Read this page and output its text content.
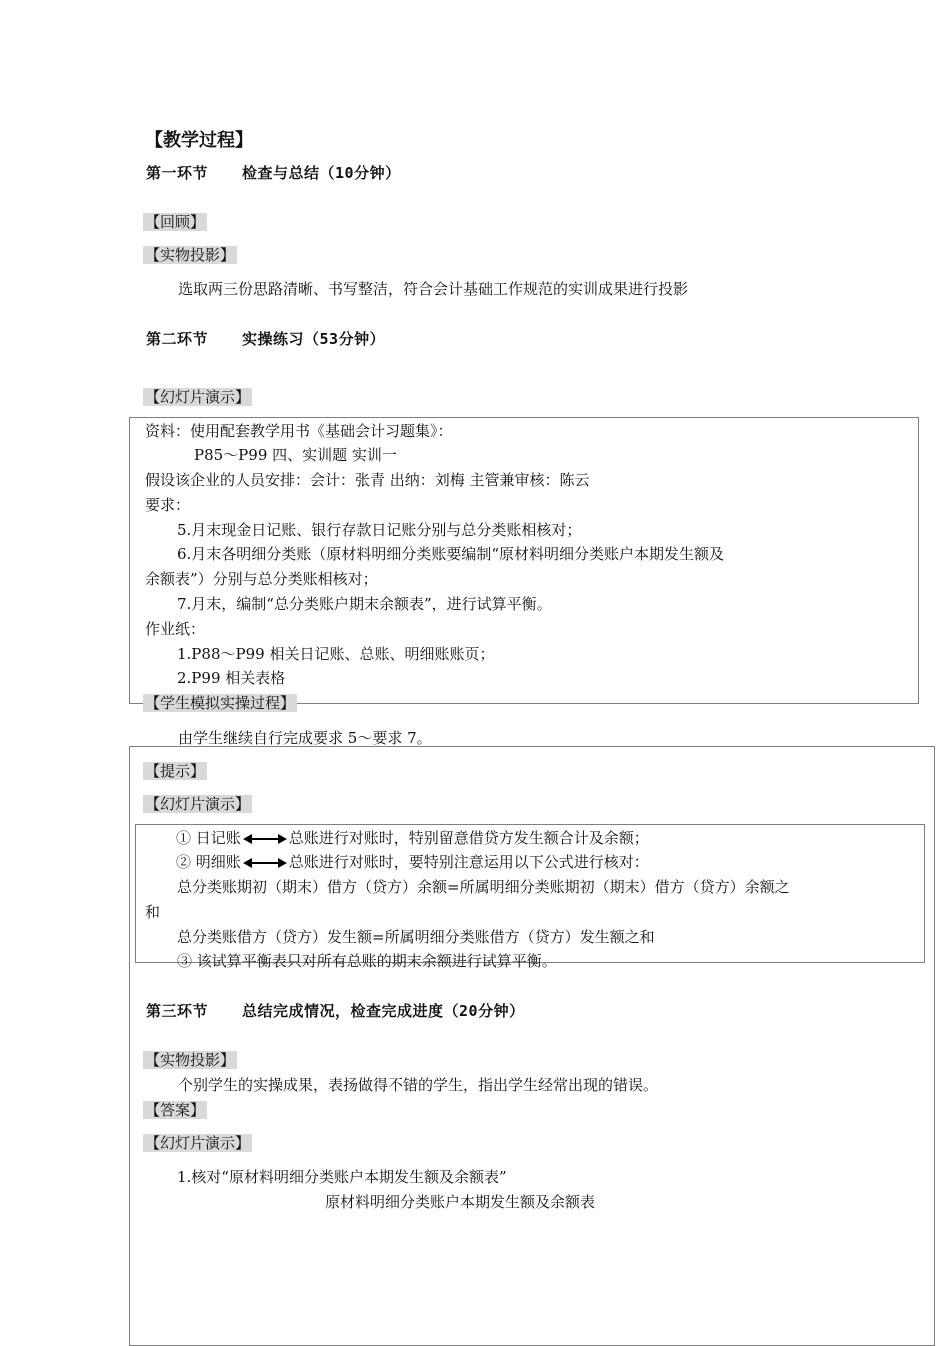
【教学过程】
第一环节 检查与总结（10分钟）
【回顾】
【实物投影】
选取两三份思路清晰、书写整洁，符合会计基础工作规范的实训成果进行投影
第二环节 实操练习（53分钟）
【幻灯片演示】
资料：使用配套教学用书《基础会计习题集》：
P85～P99 四、实训题 实训一
假设该企业的人员安排：会计：张青 出纳：刘梅 主管兼审核：陈云
要求：
5.月末现金日记账、银行存款日记账分别与总分类账相核对；
6.月末各明细分类账（原材料明细分类账要编制“原材料明细分类账户本期发生额及
余额表”）分别与总分类账相核对；
7.月末，编制“总分类账户期末余额表”，进行试算平衡。
作业纸：
1.P88～P99 相关日记账、总账、明细账账页；
2.P99 相关表格
【学生模拟实操过程】
由学生继续自行完成要求 5～要求 7。
【提示】
【幻灯片演示】
① 日记账	总账进行对账时，特别留意借贷方发生额合计及余额；
② 明细账	总账进行对账时，要特别注意运用以下公式进行核对：
总分类账期初（期末）借方（贷方）余额=所属明细分类账期初（期末）借方（贷方）余额之
和
总分类账借方（贷方）发生额=所属明细分类账借方（贷方）发生额之和
③ 该试算平衡表只对所有总账的期末余额进行试算平衡。
第三环节 总结完成情况，检查完成进度（20分钟）
【实物投影】
个别学生的实操成果，表扬做得不错的学生，指出学生经常出现的错误。
【答案】
【幻灯片演示】
1.核对“原材料明细分类账户本期发生额及余额表”
原材料明细分类账户本期发生额及余额表
